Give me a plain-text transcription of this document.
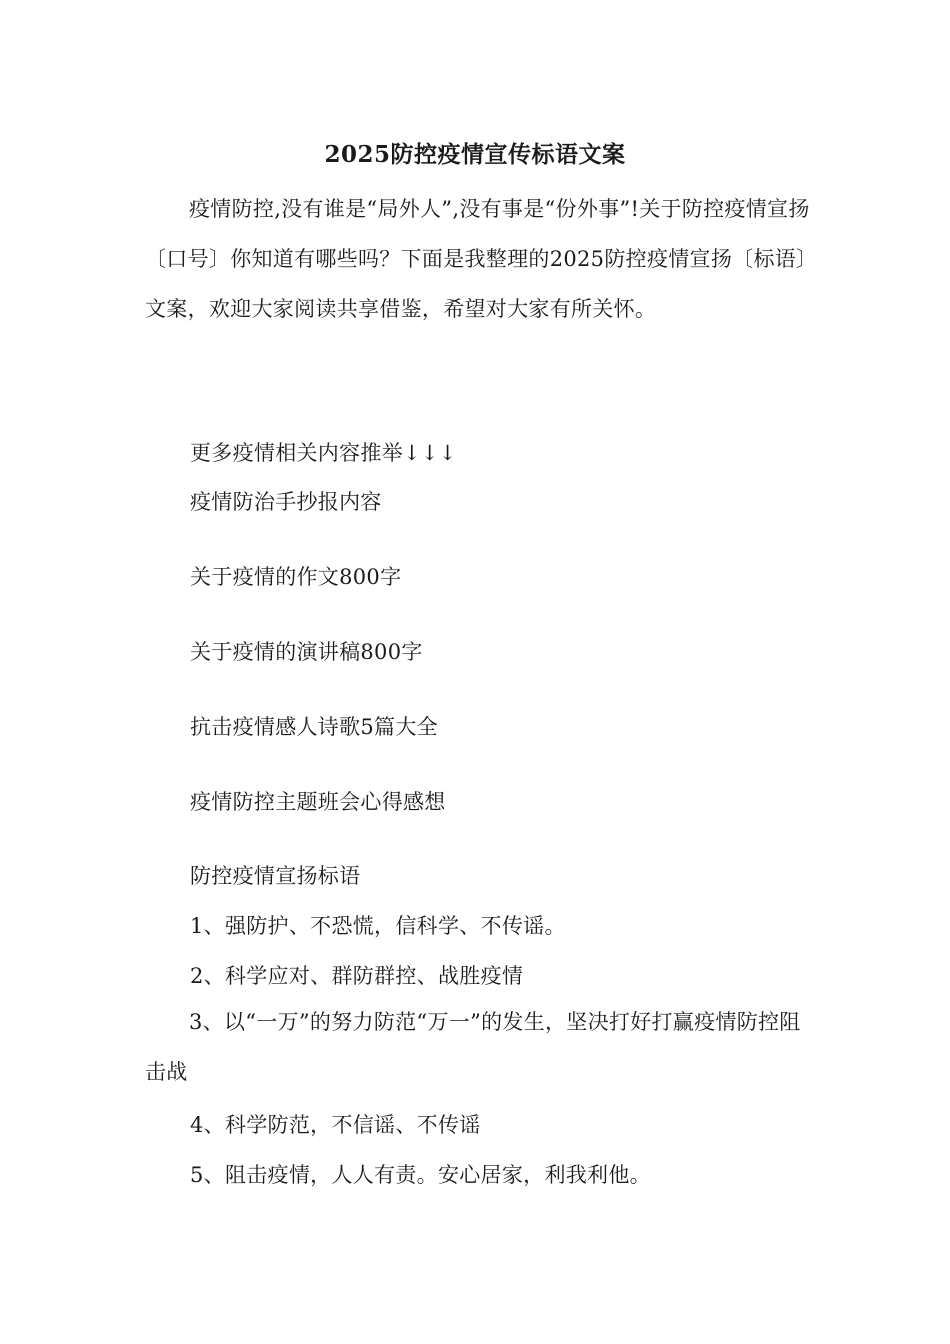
2025防控疫情宣传标语文案
疫情防控,没有谁是“局外人”,没有事是“份外事”!关于防控疫情宣扬〔口号〕你知道有哪些吗？下面是我整理的2025防控疫情宣扬〔标语〕文案，欢迎大家阅读共享借鉴，希望对大家有所关怀。
更多疫情相关内容推举↓↓↓
疫情防治手抄报内容
关于疫情的作文800字
关于疫情的演讲稿800字
抗击疫情感人诗歌5篇大全
疫情防控主题班会心得感想
防控疫情宣扬标语
1、强防护、不恐慌，信科学、不传谣。
2、科学应对、群防群控、战胜疫情
3、以“一万”的努力防范“万一”的发生，坚决打好打赢疫情防控阻击战
4、科学防范，不信谣、不传谣
5、阻击疫情，人人有责。安心居家，利我利他。
